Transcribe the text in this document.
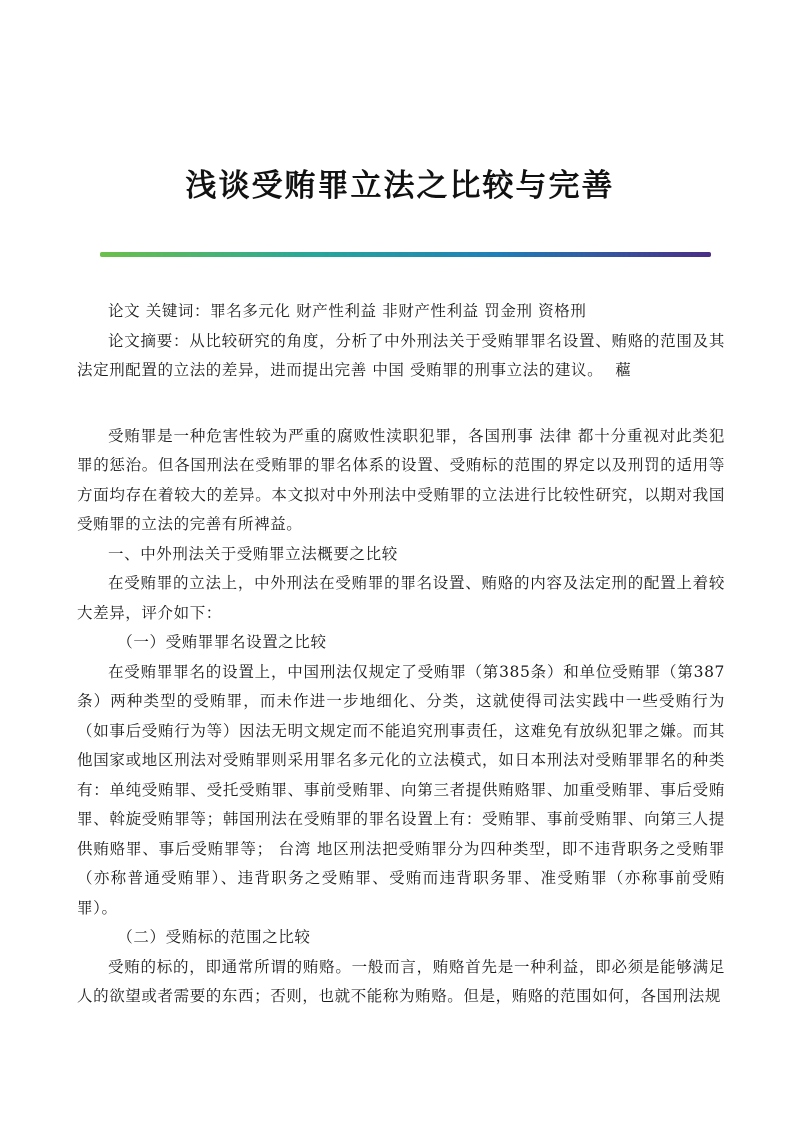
浅谈受贿罪立法之比较与完善

论文 关键词：罪名多元化 财产性利益 非财产性利益 罚金刑 资格刑

论文摘要：从比较研究的角度，分析了中外刑法关于受贿罪罪名设置、贿赂的范围及其法定刑配置的立法的差异，进而提出完善 中国 受贿罪的刑事立法的建议。 藲

受贿罪是一种危害性较为严重的腐败性渎职犯罪，各国刑事 法律 都十分重视对此类犯罪的惩治。但各国刑法在受贿罪的罪名体系的设置、受贿标的范围的界定以及刑罚的适用等方面均存在着较大的差异。本文拟对中外刑法中受贿罪的立法进行比较性研究，以期对我国受贿罪的立法的完善有所裨益。

一、中外刑法关于受贿罪立法概要之比较

在受贿罪的立法上，中外刑法在受贿罪的罪名设置、贿赂的内容及法定刑的配置上着较大差异，评介如下：

（一）受贿罪罪名设置之比较

在受贿罪罪名的设置上，中国刑法仅规定了受贿罪（第385条）和单位受贿罪（第387条）两种类型的受贿罪，而未作进一步地细化、分类，这就使得司法实践中一些受贿行为（如事后受贿行为等）因法无明文规定而不能追究刑事责任，这难免有放纵犯罪之嫌。而其他国家或地区刑法对受贿罪则采用罪名多元化的立法模式，如日本刑法对受贿罪罪名的种类有：单纯受贿罪、受托受贿罪、事前受贿罪、向第三者提供贿赂罪、加重受贿罪、事后受贿罪、斡旋受贿罪等；韩国刑法在受贿罪的罪名设置上有：受贿罪、事前受贿罪、向第三人提供贿赂罪、事后受贿罪等； 台湾 地区刑法把受贿罪分为四种类型，即不违背职务之受贿罪（亦称普通受贿罪）、违背职务之受贿罪、受贿而违背职务罪、准受贿罪（亦称事前受贿罪）。

（二）受贿标的范围之比较

受贿的标的，即通常所谓的贿赂。一般而言，贿赂首先是一种利益，即必须是能够满足人的欲望或者需要的东西；否则，也就不能称为贿赂。但是，贿赂的范围如何，各国刑法规
